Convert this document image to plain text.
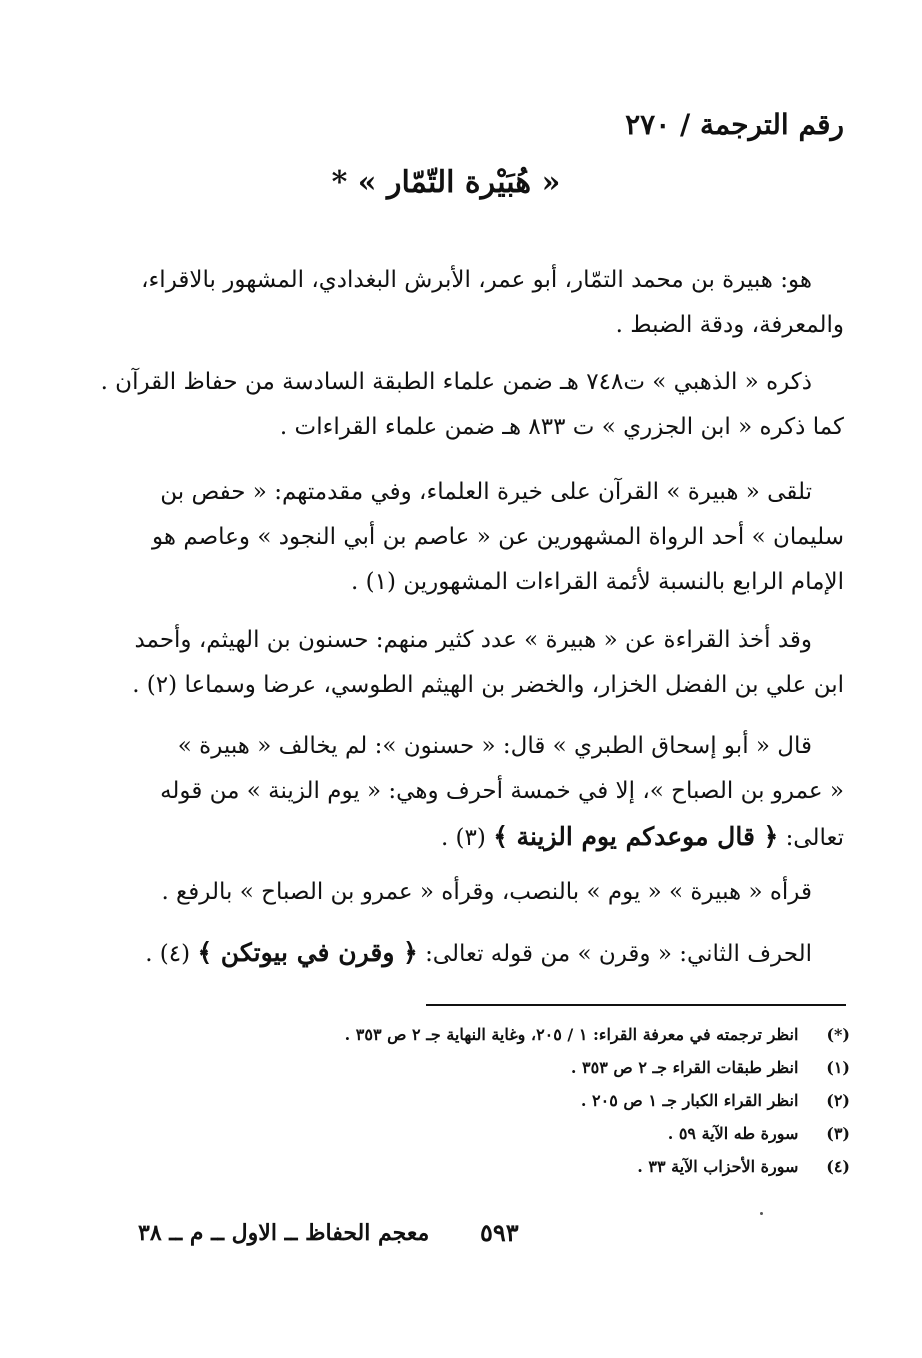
رقم الترجمة / ٢٧٠
« هُبَيْرة التّمّار » *
هو: هبيرة بن محمد التمّار، أبو عمر، الأبرش البغدادي، المشهور بالاقراء،
والمعرفة، ودقة الضبط .
ذكره « الذهبي » ت٧٤٨ هـ ضمن علماء الطبقة السادسة من حفاظ القرآن .
كما ذكره « ابن الجزري » ت ٨٣٣ هـ ضمن علماء القراءات .
تلقى « هبيرة » القرآن على خيرة العلماء، وفي مقدمتهم: « حفص بن
سليمان » أحد الرواة المشهورين عن « عاصم بن أبي النجود » وعاصم هو
الإمام الرابع بالنسبة لأئمة القراءات المشهورين (١) .
وقد أخذ القراءة عن « هبيرة » عدد كثير منهم: حسنون بن الهيثم، وأحمد
ابن علي بن الفضل الخزار، والخضر بن الهيثم الطوسي، عرضا وسماعا (٢) .
قال « أبو إسحاق الطبري » قال: « حسنون »: لم يخالف « هبيرة »
« عمرو بن الصباح »، إلا في خمسة أحرف وهي: « يوم الزينة » من قوله
تعالى: ﴿ قال موعدكم يوم الزينة ﴾ (٣) .
قرأه « هبيرة » « يوم » بالنصب، وقرأه « عمرو بن الصباح » بالرفع .
الحرف الثاني: « وقرن » من قوله تعالى: ﴿ وقرن في بيوتكن ﴾ (٤) .
(*) انظر ترجمته في معرفة القراء: ١ / ٢٠٥، وغاية النهاية جـ ٢ ص ٣٥٣ .
(١) انظر طبقات القراء جـ ٢ ص ٣٥٣ .
(٢) انظر القراء الكبار جـ ١ ص ٢٠٥ .
(٣) سورة طه الآية ٥٩ .
(٤) سورة الأحزاب الآية ٣٣ .
٥٩٣
معجم الحفاظ ــ الاول ــ م ــ ٣٨
